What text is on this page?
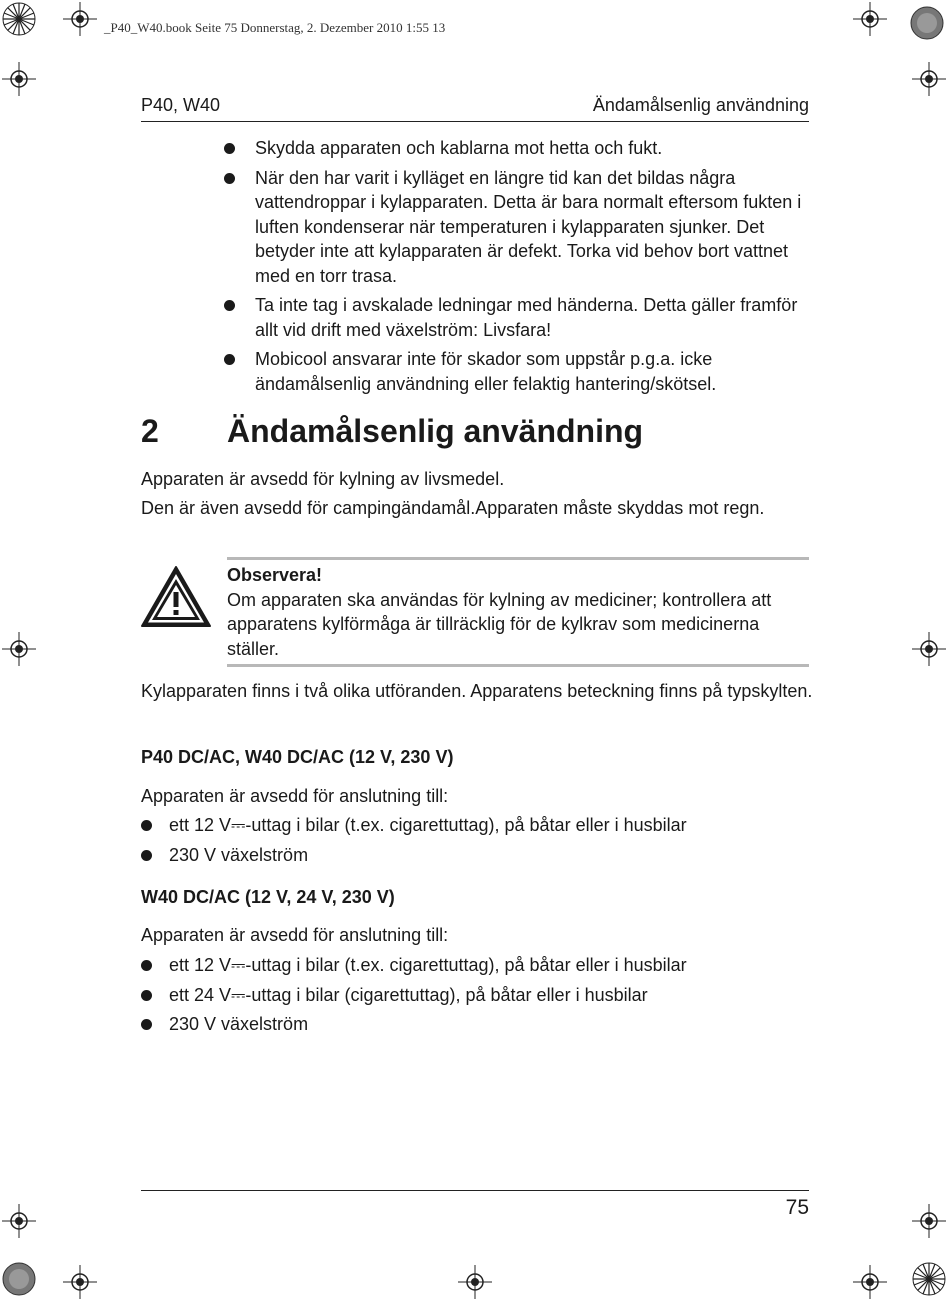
_P40_W40.book Seite 75 Donnerstag, 2. Dezember 2010 1:55 13
P40, W40	Ändamålsenlig användning
Skydda apparaten och kablarna mot hetta och fukt.
När den har varit i kylläget en längre tid kan det bildas några vattendroppar i kylapparaten. Detta är bara normalt eftersom fukten i luften kondenserar när temperaturen i kylapparaten sjunker. Det betyder inte att kylapparaten är defekt. Torka vid behov bort vattnet med en torr trasa.
Ta inte tag i avskalade ledningar med händerna. Detta gäller framför allt vid drift med växelström: Livsfara!
Mobicool ansvarar inte för skador som uppstår p.g.a. icke ändamålsenlig användning eller felaktig hantering/skötsel.
2 Ändamålsenlig användning
Apparaten är avsedd för kylning av livsmedel.
Den är även avsedd för campingändamål.Apparaten måste skyddas mot regn.
Observera!
Om apparaten ska användas för kylning av mediciner; kontrollera att apparatens kylförmåga är tillräcklig för de kylkrav som medicinerna ställer.
Kylapparaten finns i två olika utföranden. Apparatens beteckning finns på typskylten.
P40 DC/AC, W40 DC/AC (12 V, 230 V)
Apparaten är avsedd för anslutning till:
ett 12 V⎓-uttag i bilar (t.ex. cigarettuttag), på båtar eller i husbilar
230 V växelström
W40 DC/AC (12 V, 24 V, 230 V)
Apparaten är avsedd för anslutning till:
ett 12 V⎓-uttag i bilar (t.ex. cigarettuttag), på båtar eller i husbilar
ett 24 V⎓-uttag i bilar (cigarettuttag), på båtar eller i husbilar
230 V växelström
75
